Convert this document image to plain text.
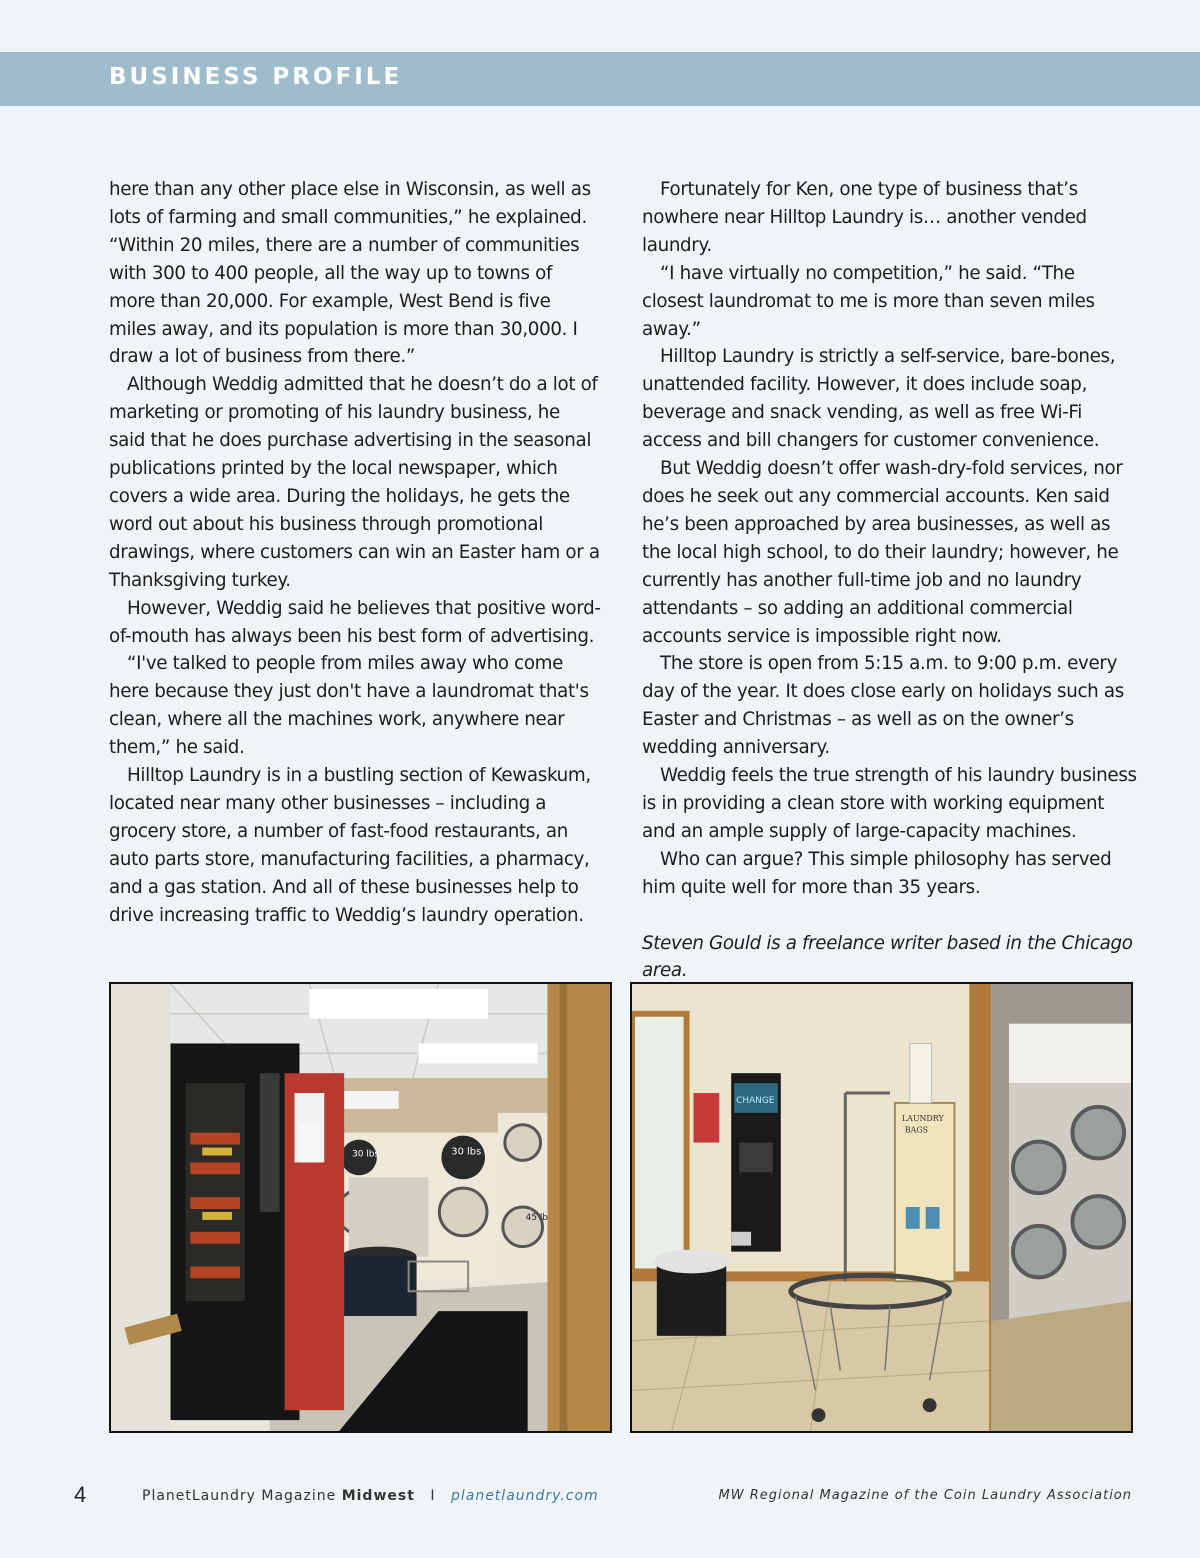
BUSINESS PROFILE

here than any other place else in Wisconsin, as well as lots of farming and small communities,” he explained. “Within 20 miles, there are a number of communities with 300 to 400 people, all the way up to towns of more than 20,000. For example, West Bend is five miles away, and its population is more than 30,000. I draw a lot of business from there.”

Although Weddig admitted that he doesn’t do a lot of marketing or promoting of his laundry business, he said that he does purchase advertising in the seasonal publications printed by the local newspaper, which covers a wide area. During the holidays, he gets the word out about his business through promotional drawings, where customers can win an Easter ham or a Thanksgiving turkey.

However, Weddig said he believes that positive word-of-mouth has always been his best form of advertising.

“I've talked to people from miles away who come here because they just don't have a laundromat that's clean, where all the machines work, anywhere near them,” he said.

Hilltop Laundry is in a bustling section of Kewaskum, located near many other businesses – including a grocery store, a number of fast-food restaurants, an auto parts store, manufacturing facilities, a pharmacy, and a gas station. And all of these businesses help to drive increasing traffic to Weddig’s laundry operation.

Fortunately for Ken, one type of business that’s nowhere near Hilltop Laundry is… another vended laundry.

“I have virtually no competition,” he said. “The closest laundromat to me is more than seven miles away.”

Hilltop Laundry is strictly a self-service, bare-bones, unattended facility. However, it does include soap, beverage and snack vending, as well as free Wi-Fi access and bill changers for customer convenience.

But Weddig doesn’t offer wash-dry-fold services, nor does he seek out any commercial accounts. Ken said he’s been approached by area businesses, as well as the local high school, to do their laundry; however, he currently has another full-time job and no laundry attendants – so adding an additional commercial accounts service is impossible right now.

The store is open from 5:15 a.m. to 9:00 p.m. every day of the year. It does close early on holidays such as Easter and Christmas – as well as on the owner’s wedding anniversary.

Weddig feels the true strength of his laundry business is in providing a clean store with working equipment and an ample supply of large-capacity machines.

Who can argue? This simple philosophy has served him quite well for more than 35 years.

Steven Gould is a freelance writer based in the Chicago area.

30 lbs	30 lbs
45 lb
CHANGE
LAUNDRY
BAGS
4	PlanetLaundry Magazine Midwest I planetlaundry.com	MW Regional Magazine of the Coin Laundry Association
